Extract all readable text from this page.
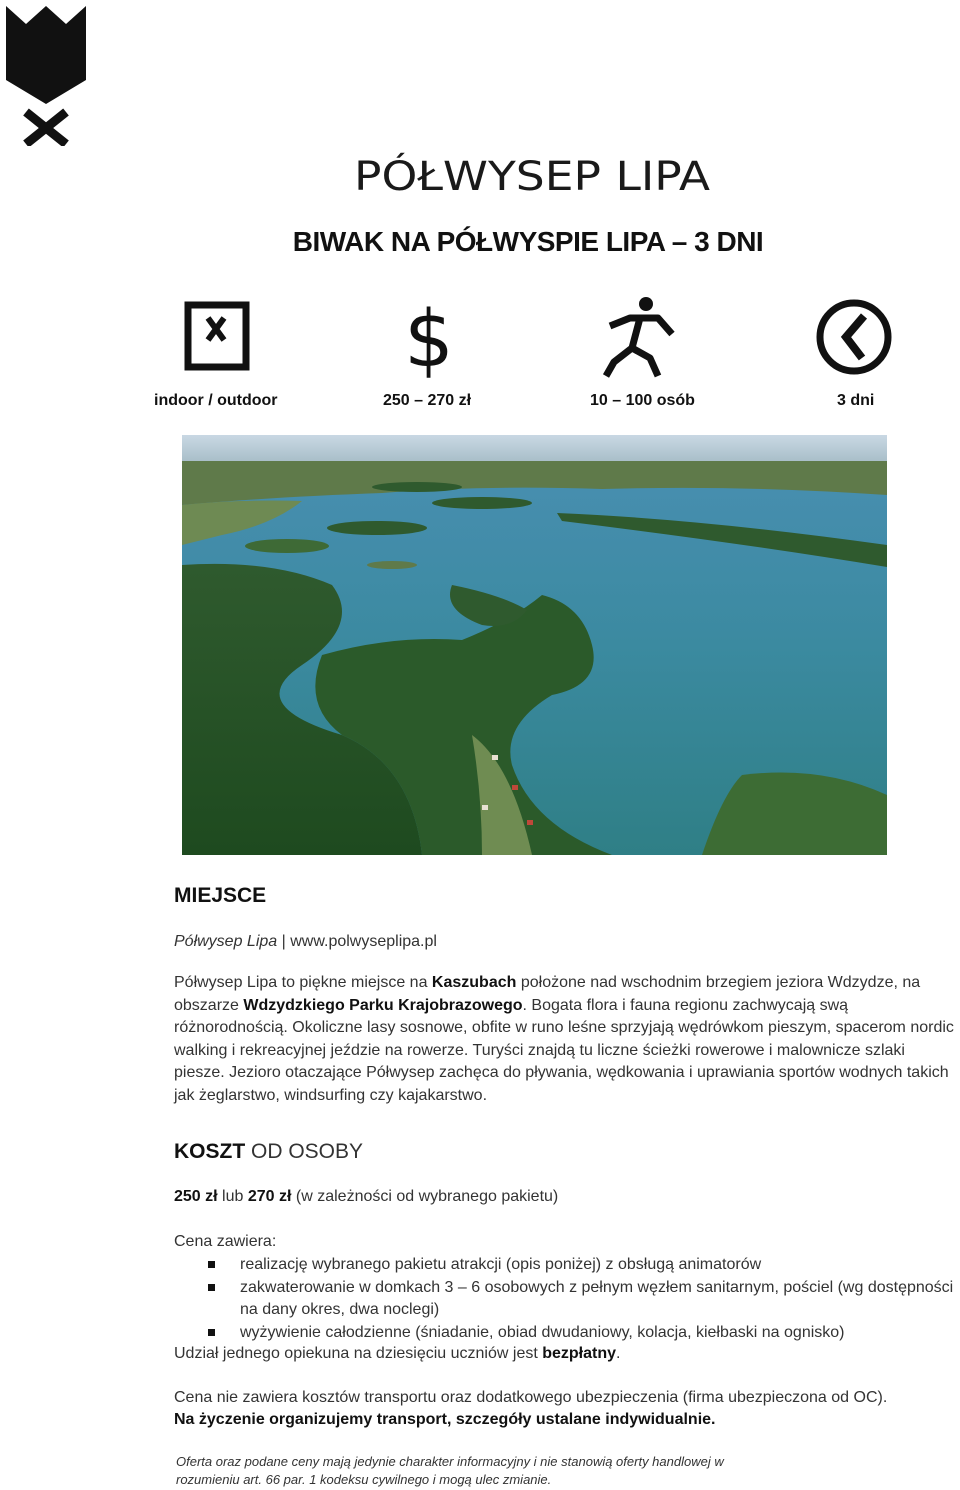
PÓŁWYSEP LIPA
BIWAK NA PÓŁWYSPIE LIPA – 3 DNI
$
indoor / outdoor	250 – 270 zł	10 – 100 osób	3 dni
MIEJSCE
Półwysep Lipa | www.polwyseplipa.pl
Półwysep Lipa to piękne miejsce na Kaszubach położone nad wschodnim brzegiem jeziora Wdzydze, na obszarze Wdzydzkiego Parku Krajobrazowego. Bogata flora i fauna regionu zachwycają swą różnorodnością. Okoliczne lasy sosnowe, obfite w runo leśne sprzyjają wędrówkom pieszym, spacerom nordic walking i rekreacyjnej jeździe na rowerze. Turyści znajdą tu liczne ścieżki rowerowe i malownicze szlaki piesze. Jezioro otaczające Półwysep zachęca do pływania, wędkowania i uprawiania sportów wodnych takich jak żeglarstwo, windsurfing czy kajakarstwo.
KOSZT OD OSOBY
250 zł lub 270 zł (w zależności od wybranego pakietu)
Cena zawiera:
realizację wybranego pakietu atrakcji (opis poniżej) z obsługą animatorów
zakwaterowanie w domkach 3 – 6 osobowych z pełnym węzłem sanitarnym, pościel (wg dostępności na dany okres, dwa noclegi)
wyżywienie całodzienne (śniadanie, obiad dwudaniowy, kolacja, kiełbaski na ognisko)
Udział jednego opiekuna na dziesięciu uczniów jest bezpłatny.
Cena nie zawiera kosztów transportu oraz dodatkowego ubezpieczenia (firma ubezpieczona od OC).
Na życzenie organizujemy transport, szczegóły ustalane indywidualnie.
Oferta oraz podane ceny mają jedynie charakter informacyjny i nie stanowią oferty handlowej w rozumieniu art. 66 par. 1 kodeksu cywilnego i mogą ulec zmianie.
